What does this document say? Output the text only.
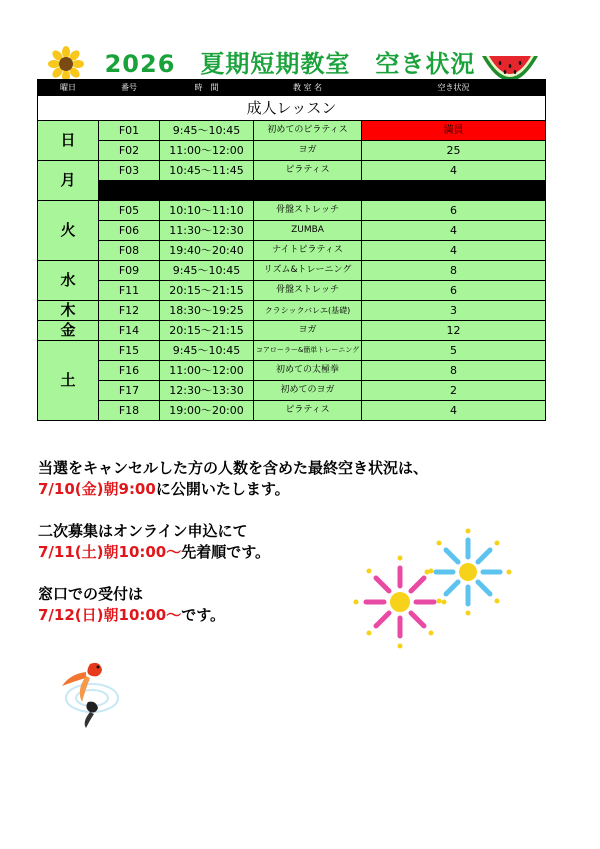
2026　夏期短期教室　空き状況
曜日	番号	時　間	教 室 名	空き状況
成人レッスン				
日	F01	9:45～10:45	初めてのピラティス	満員
	F02	11:00～12:00	ヨガ	25
月	F03	10:45～11:45	ピラティス	4

火	F05	10:10～11:10	骨盤ストレッチ	6
	F06	11:30～12:30	ZUMBA	4
	F08	19:40～20:40	ナイトピラティス	4
水	F09	9:45～10:45	リズム&トレーニング	8
	F11	20:15～21:15	骨盤ストレッチ	6
木	F12	18:30～19:25	クラシックバレエ(基礎)	3
金	F14	20:15～21:15	ヨガ	12
土	F15	9:45～10:45	コアローラー&簡単トレーニング	5
	F16	11:00～12:00	初めての太極拳	8
	F17	12:30～13:30	初めてのヨガ	2
	F18	19:00～20:00	ピラティス	4

当選をキャンセルした方の人数を含めた最終空き状況は、
7/10(金)朝9:00に公開いたします。

二次募集はオンライン申込にて
7/11(土)朝10:00～先着順です。

窓口での受付は
7/12(日)朝10:00～です。
